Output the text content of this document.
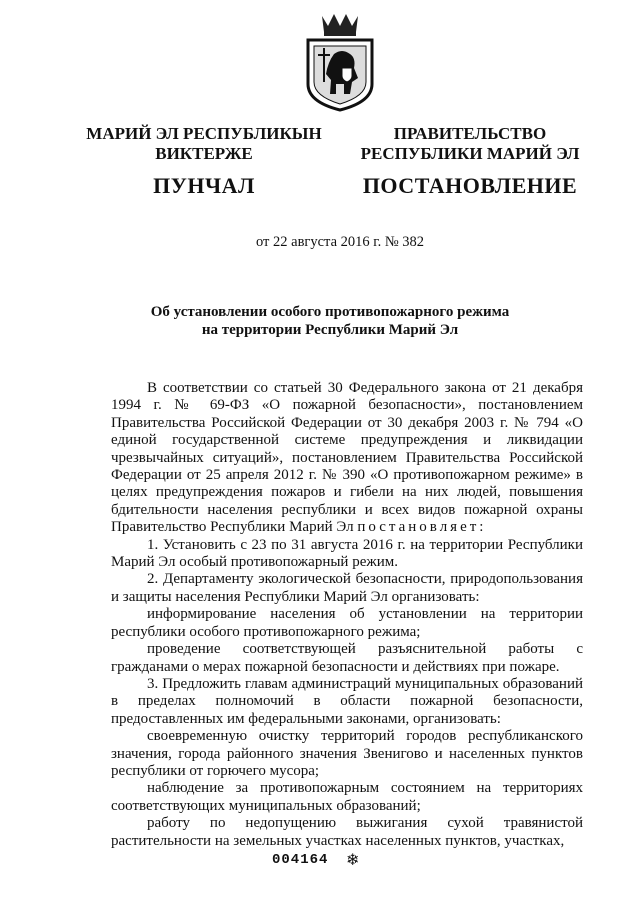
МАРИЙ ЭЛ РЕСПУБЛИКЫН
ВИКТЕРЖЕ
ПУНЧАЛ
ПРАВИТЕЛЬСТВО
РЕСПУБЛИКИ МАРИЙ ЭЛ
ПОСТАНОВЛЕНИЕ
от 22 августа 2016 г. № 382
Об установлении особого противопожарного режима
на территории Республики Марий Эл

В соответствии со статьей 30 Федерального закона от 21 декабря 1994 г. № 69-ФЗ «О пожарной безопасности», постановлением Правительства Российской Федерации от 30 декабря 2003 г. № 794 «О единой государственной системе предупреждения и ликвидации чрезвычайных ситуаций», постановлением Правительства Российской Федерации от 25 апреля 2012 г. № 390 «О противопожарном режиме» в целях предупреждения пожаров и гибели на них людей, повышения бдительности населения республики и всех видов пожарной охраны Правительство Республики Марий Эл постановляет:

1. Установить с 23 по 31 августа 2016 г. на территории Республики Марий Эл особый противопожарный режим.

2. Департаменту экологической безопасности, природопользования и защиты населения Республики Марий Эл организовать:

информирование населения об установлении на территории республики особого противопожарного режима;

проведение соответствующей разъяснительной работы с гражданами о мерах пожарной безопасности и действиях при пожаре.

3. Предложить главам администраций муниципальных образований в пределах полномочий в области пожарной безопасности, предоставленных им федеральными законами, организовать:

своевременную очистку территорий городов республиканского значения, города районного значения Звенигово и населенных пунктов республики от горючего мусора;

наблюдение за противопожарным состоянием на территориях соответствующих муниципальных образований;

работу по недопущению выжигания сухой травянистой растительности на земельных участках населенных пунктов, участках,

004164 ❄
